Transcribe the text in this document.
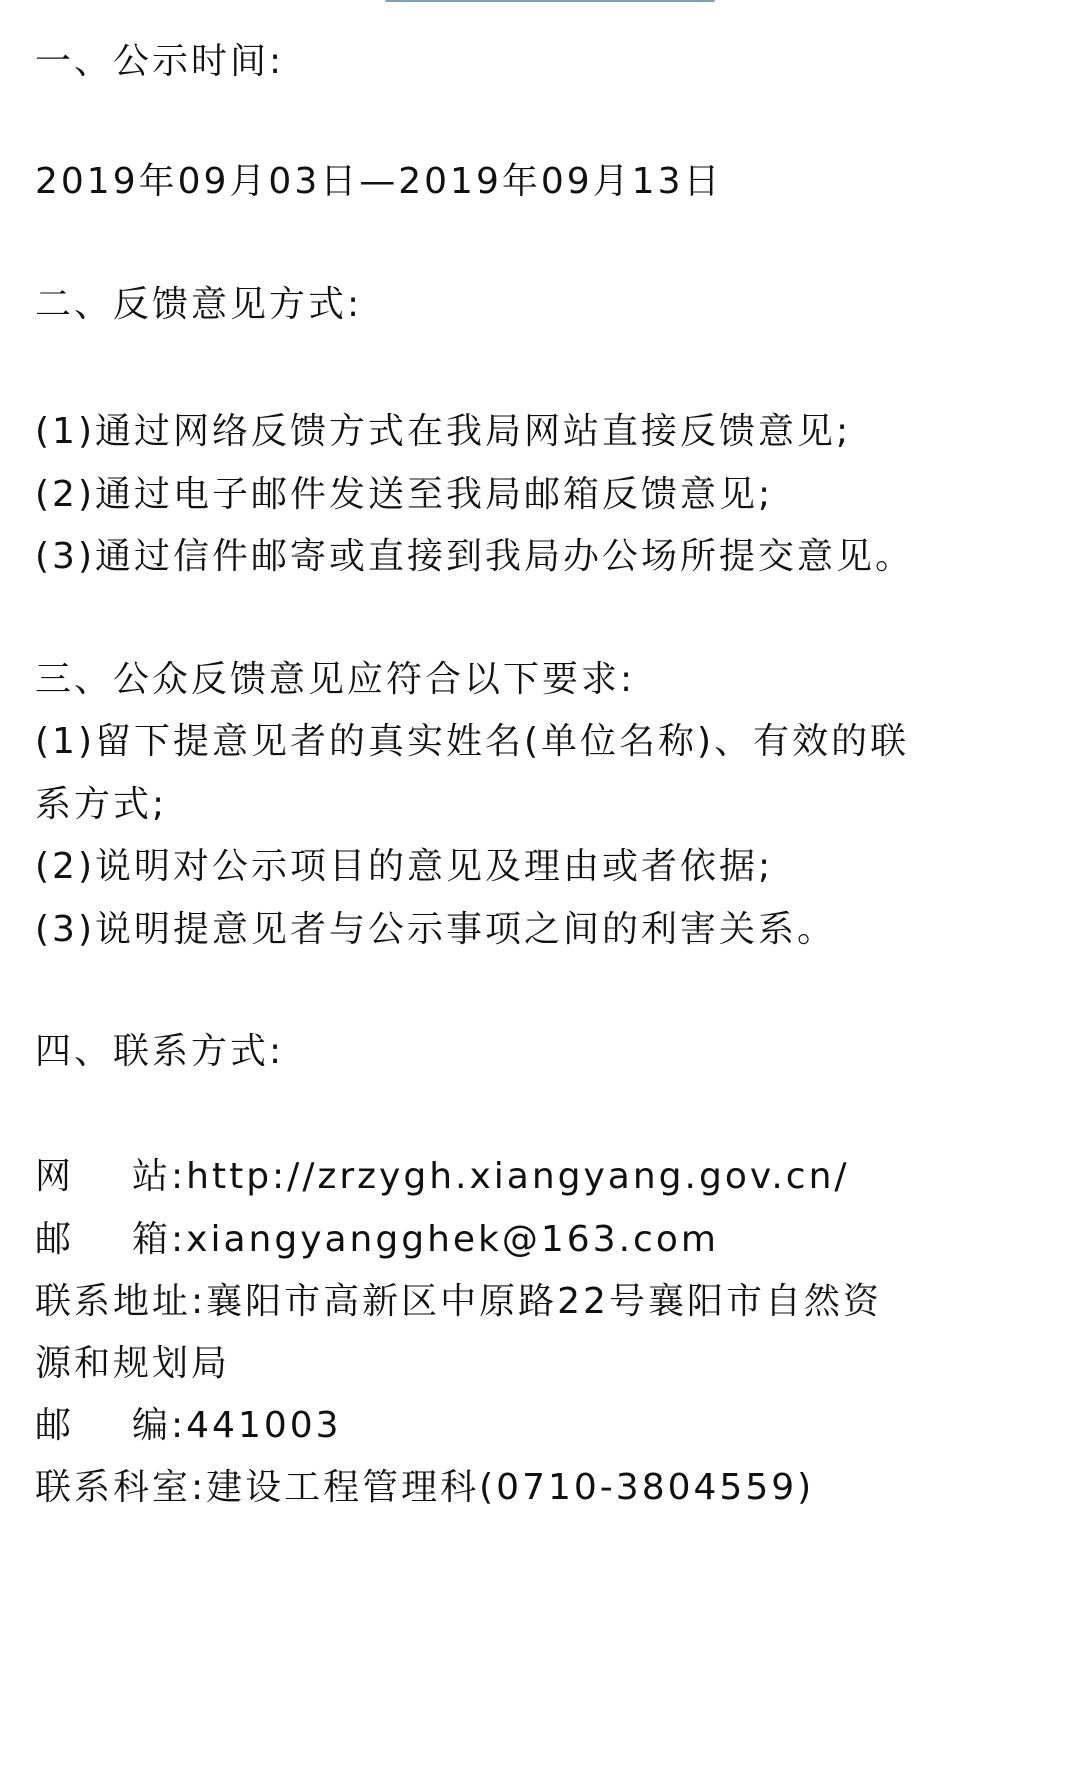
一、公示时间:
2019年09月03日—2019年09月13日
二、反馈意见方式:
(1)通过网络反馈方式在我局网站直接反馈意见;
(2)通过电子邮件发送至我局邮箱反馈意见;
(3)通过信件邮寄或直接到我局办公场所提交意见。
三、公众反馈意见应符合以下要求:
(1)留下提意见者的真实姓名(单位名称)、有效的联
系方式;
(2)说明对公示项目的意见及理由或者依据;
(3)说明提意见者与公示事项之间的利害关系。
四、联系方式:
网 站:http://zrzygh.xiangyang.gov.cn/
邮 箱:xiangyangghek@163.com
联系地址:襄阳市高新区中原路22号襄阳市自然资
源和规划局
邮 编:441003
联系科室:建设工程管理科(0710-3804559)
